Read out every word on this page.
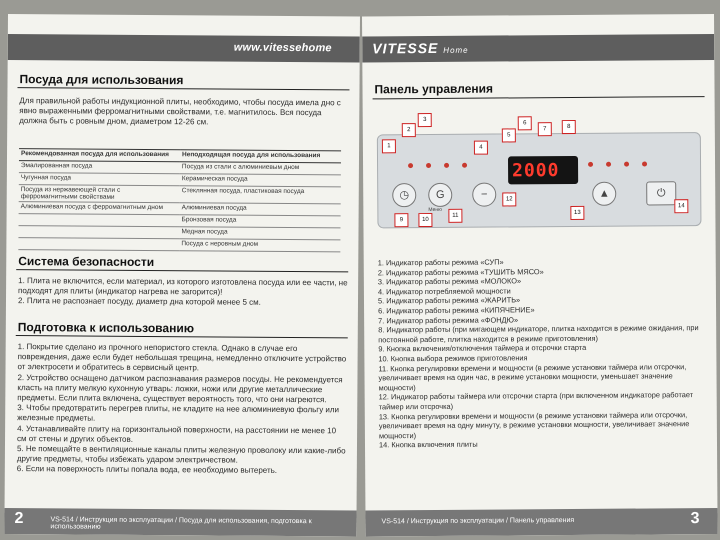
www.vitessehome
Посуда для использования

Для правильной работы индукционной плиты, необходимо, чтобы посуда имела дно с явно выраженными ферромагнитными свойствами, т.е. магнитилось. Вся посуда должна быть с ровным дном, диаметром 12-26 см.

Рекомендованная посуда для использования	Неподходящая посуда для использования
Эмалированная посуда	Посуда из стали с алюминиевым дном
Чугунная посуда	Керамическая посуда
Посуда из нержавеющей стали с ферромагнитными свойствами	Стеклянная посуда, пластиковая посуда
Алюминиевая посуда с ферромагнитным дном	Алюминиевая посуда
	Бронзовая посуда
	Медная посуда
	Посуда с неровным дном
Система безопасности

1. Плита не включится, если материал, из которого изготовлена посуда или ее части, не подходят для плиты (индикатор нагрева не загорится)!
2. Плита не распознает посуду, диаметр дна которой менее 5 см.

Подготовка к использованию

1. Покрытие сделано из прочного непористого стекла. Однако в случае его повреждения, даже если будет небольшая трещина, немедленно отключите устройство от электросети и обратитесь в сервисный центр.
2. Устройство оснащено датчиком распознавания размеров посуды. Не рекомендуется класть на плиту мелкую кухонную утварь: ложки, ножи или другие металлические предметы. Если плита включена, существует вероятность того, что они нагреются.
3. Чтобы предотвратить перегрев плиты, не кладите на нее алюминиевую фольгу или железные предметы.
4. Устанавливайте плиту на горизонтальной поверхности, на расстоянии не менее 10 см от стены и других объектов.
5. Не помещайте в вентиляционные каналы плиты железную проволоку или какие-либо другие предметы, чтобы избежать ударом электричеством.
6. Если на поверхность плиты попала вода, ее необходимо вытереть.

2	VS-514 / Инструкция по эксплуатации / Посуда для использования, подготовка к использованию
VITESSE Home
Панель управления
2000
◷	G
Меню
−	▲	⏻
1
2
3
4
5
6
7	8
9	10
11
12
13
14
1. Индикатор работы режима «СУП»
2. Индикатор работы режима «ТУШИТЬ МЯСО»
3. Индикатор работы режима «МОЛОКО»
4. Индикатор потребляемой мощности
5. Индикатор работы режима «ЖАРИТЬ»
6. Индикатор работы режима «КИПЯЧЕНИЕ»
7. Индикатор работы режима «ФОНДЮ»
8. Индикатор работы (при мигающем индикаторе, плитка находится в режиме ожидания, при постоянной работе, плитка находится в режиме приготовления)
9. Кнопка включения/отключения таймера и отсрочки старта
10. Кнопка выбора режимов приготовления
11. Кнопка регулировки времени и мощности (в режиме установки таймера или отсрочки, увеличивает время на один час, в режиме установки мощности, уменьшает значение мощности)
12. Индикатор работы таймера или отсрочки старта (при включенном индикаторе работает таймер или отсрочка)
13. Кнопка регулировки времени и мощности (в режиме установки таймера или отсрочки, увеличивает время на одну минуту, в режиме установки мощности, увеличивает значение мощности)
14. Кнопка включения плиты
VS-514 / Инструкция по эксплуатации / Панель управления	3
